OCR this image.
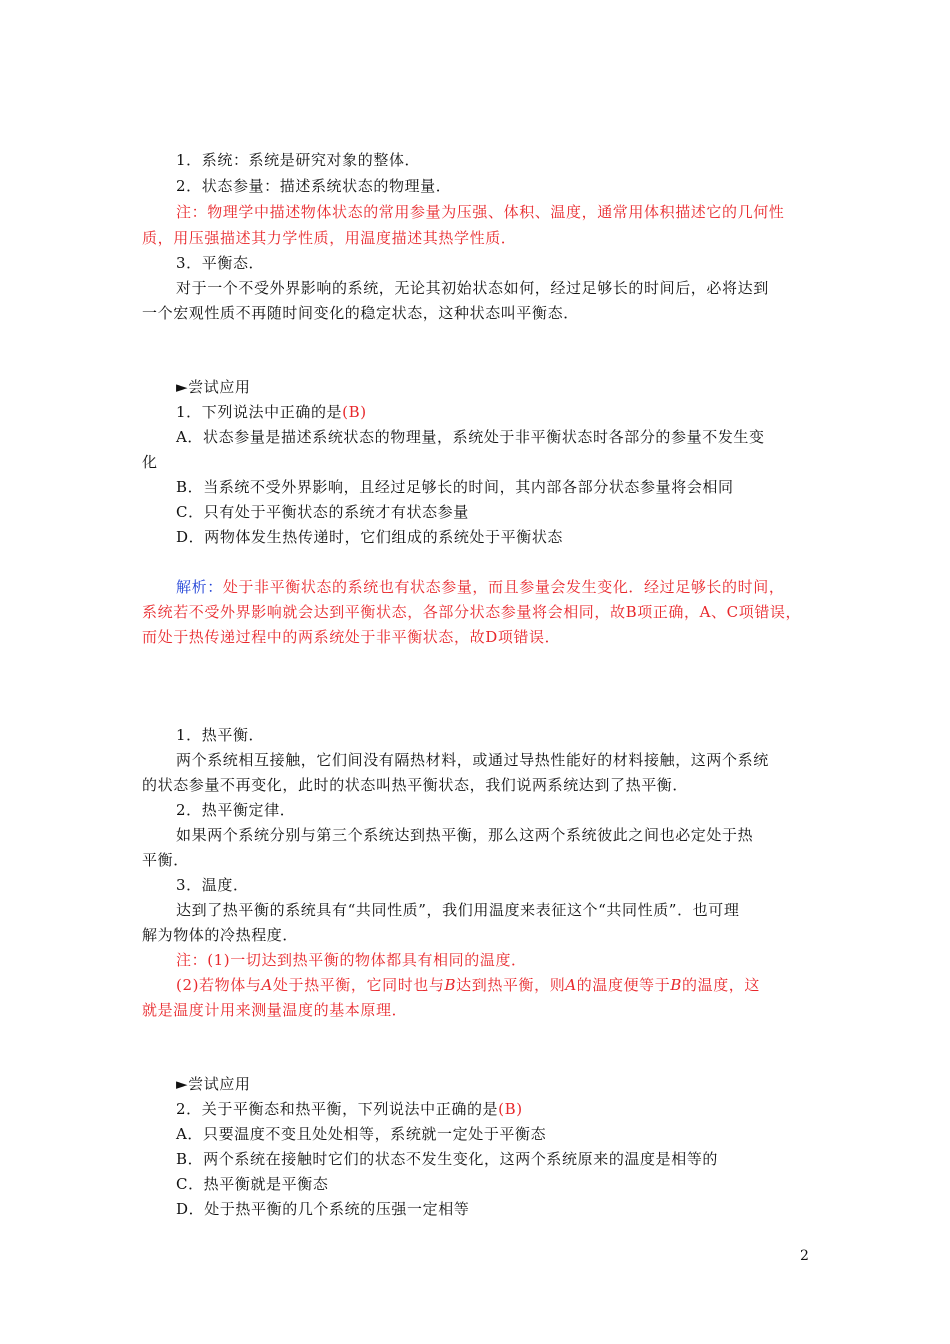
1．系统：系统是研究对象的整体．
2．状态参量：描述系统状态的物理量．
注：物理学中描述物体状态的常用参量为压强、体积、温度，通常用体积描述它的几何性
质，用压强描述其力学性质，用温度描述其热学性质．
3．平衡态．
对于一个不受外界影响的系统，无论其初始状态如何，经过足够长的时间后，必将达到
一个宏观性质不再随时间变化的稳定状态，这种状态叫平衡态．
►尝试应用
1．下列说法中正确的是(B)
A．状态参量是描述系统状态的物理量，系统处于非平衡状态时各部分的参量不发生变
化
B．当系统不受外界影响，且经过足够长的时间，其内部各部分状态参量将会相同
C．只有处于平衡状态的系统才有状态参量
D．两物体发生热传递时，它们组成的系统处于平衡状态
解析：处于非平衡状态的系统也有状态参量，而且参量会发生变化．经过足够长的时间，
系统若不受外界影响就会达到平衡状态，各部分状态参量将会相同，故B项正确，A、C项错误，
而处于热传递过程中的两系统处于非平衡状态，故D项错误．
1．热平衡．
两个系统相互接触，它们间没有隔热材料，或通过导热性能好的材料接触，这两个系统
的状态参量不再变化，此时的状态叫热平衡状态，我们说两系统达到了热平衡．
2．热平衡定律．
如果两个系统分别与第三个系统达到热平衡，那么这两个系统彼此之间也必定处于热
平衡．
3．温度．
达到了热平衡的系统具有“共同性质”，我们用温度来表征这个“共同性质”．也可理
解为物体的冷热程度．
注：(1)一切达到热平衡的物体都具有相同的温度．
(2)若物体与A处于热平衡，它同时也与B达到热平衡，则A的温度便等于B的温度，这
就是温度计用来测量温度的基本原理．
►尝试应用
2．关于平衡态和热平衡，下列说法中正确的是(B)
A．只要温度不变且处处相等，系统就一定处于平衡态
B．两个系统在接触时它们的状态不发生变化，这两个系统原来的温度是相等的
C．热平衡就是平衡态
D．处于热平衡的几个系统的压强一定相等
2
